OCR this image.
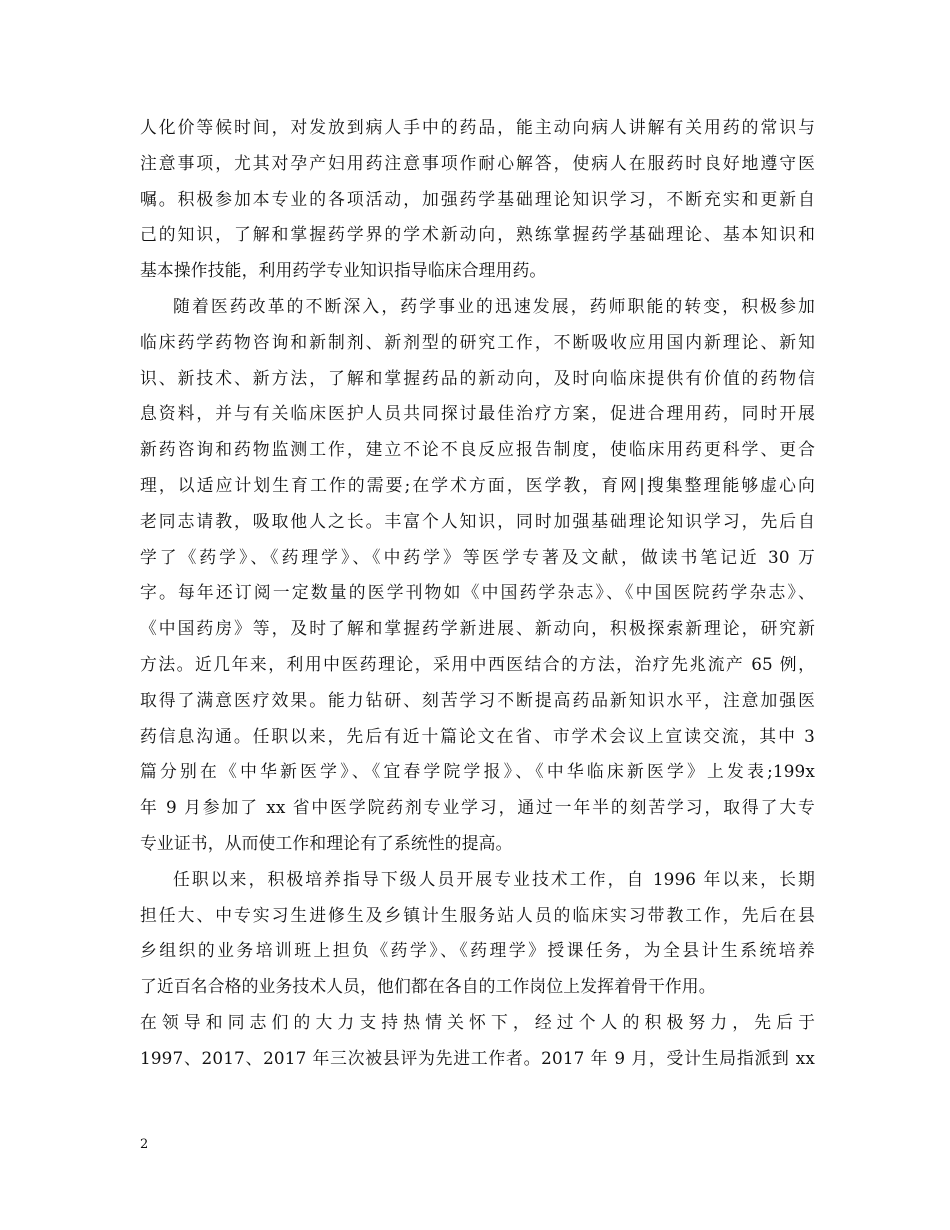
人化价等候时间，对发放到病人手中的药品，能主动向病人讲解有关用药的常识与
注意事项，尤其对孕产妇用药注意事项作耐心解答，使病人在服药时良好地遵守医
嘱。积极参加本专业的各项活动，加强药学基础理论知识学习，不断充实和更新自
己的知识，了解和掌握药学界的学术新动向，熟练掌握药学基础理论、基本知识和
基本操作技能，利用药学专业知识指导临床合理用药。
随着医药改革的不断深入，药学事业的迅速发展，药师职能的转变，积极参加
临床药学药物咨询和新制剂、新剂型的研究工作，不断吸收应用国内新理论、新知
识、新技术、新方法，了解和掌握药品的新动向，及时向临床提供有价值的药物信
息资料，并与有关临床医护人员共同探讨最佳治疗方案，促进合理用药，同时开展
新药咨询和药物监测工作，建立不论不良反应报告制度，使临床用药更科学、更合
理，以适应计划生育工作的需要;在学术方面，医学教，育网|搜集整理能够虚心向
老同志请教，吸取他人之长。丰富个人知识，同时加强基础理论知识学习，先后自
学了《药学》、《药理学》、《中药学》等医学专著及文献，做读书笔记近 30 万
字。每年还订阅一定数量的医学刊物如《中国药学杂志》、《中国医院药学杂志》、
《中国药房》等，及时了解和掌握药学新进展、新动向，积极探索新理论，研究新
方法。近几年来，利用中医药理论，采用中西医结合的方法，治疗先兆流产 65 例，
取得了满意医疗效果。能力钻研、刻苦学习不断提高药品新知识水平，注意加强医
药信息沟通。任职以来，先后有近十篇论文在省、市学术会议上宣读交流，其中 3
篇分别在《中华新医学》、《宜春学院学报》、《中华临床新医学》上发表;199x
年 9 月参加了 xx 省中医学院药剂专业学习，通过一年半的刻苦学习，取得了大专
专业证书，从而使工作和理论有了系统性的提高。
任职以来，积极培养指导下级人员开展专业技术工作，自 1996 年以来，长期
担任大、中专实习生进修生及乡镇计生服务站人员的临床实习带教工作，先后在县
乡组织的业务培训班上担负《药学》、《药理学》授课任务，为全县计生系统培养
了近百名合格的业务技术人员，他们都在各自的工作岗位上发挥着骨干作用。
在领导和同志们的大力支持热情关怀下，经过个人的积极努力，先后于
1997、2017、2017 年三次被县评为先进工作者。2017 年 9 月，受计生局指派到 xx
2
